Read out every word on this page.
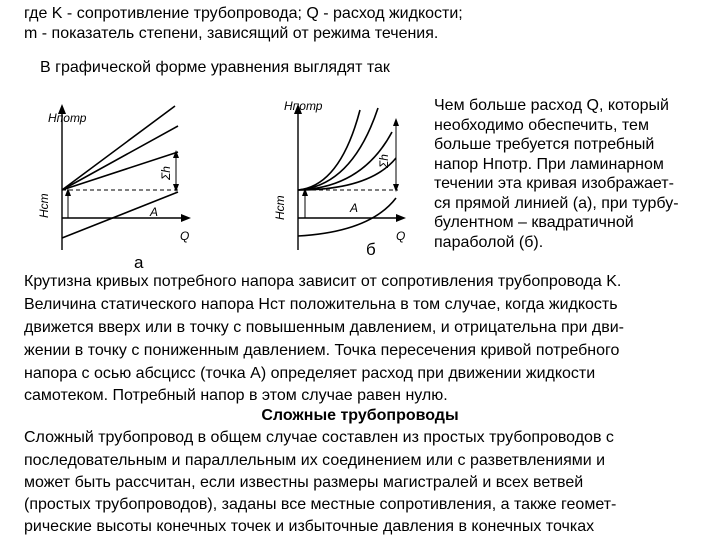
где K - сопротивление трубопровода; Q - расход жидкости;
m - показатель степени, зависящий от режима течения.
В графической форме уравнения выглядят так
Hпотр
Hст
Σh
A
Q
Hпотр
Hст
Σh
A
Q
а
б
Чем больше расход Q, который
необходимо обеспечить, тем
больше требуется потребный
напор Hпотр. При ламинарном
течении эта кривая изображает-
ся прямой линией (а), при турбу-
булентном – квадратичной
параболой (б).
Крутизна кривых потребного напора зависит от сопротивления трубопровода K.
Величина статического напора Hст положительна в том случае, когда жидкость
движется вверх или в точку с повышенным давлением, и отрицательна при дви-
жении в точку с пониженным давлением. Точка пересечения кривой потребного
напора с осью абсцисс (точка A) определяет расход при движении жидкости
самотеком. Потребный напор в этом случае равен нулю.
Сложные трубопроводы
Сложный трубопровод в общем случае составлен из простых трубопроводов с
последовательным и параллельным их соединением или с разветвлениями и
может быть рассчитан, если известны размеры магистралей и всех ветвей
(простых трубопроводов), заданы все местные сопротивления, а также геомет-
рические высоты конечных точек и избыточные давления в конечных точках
